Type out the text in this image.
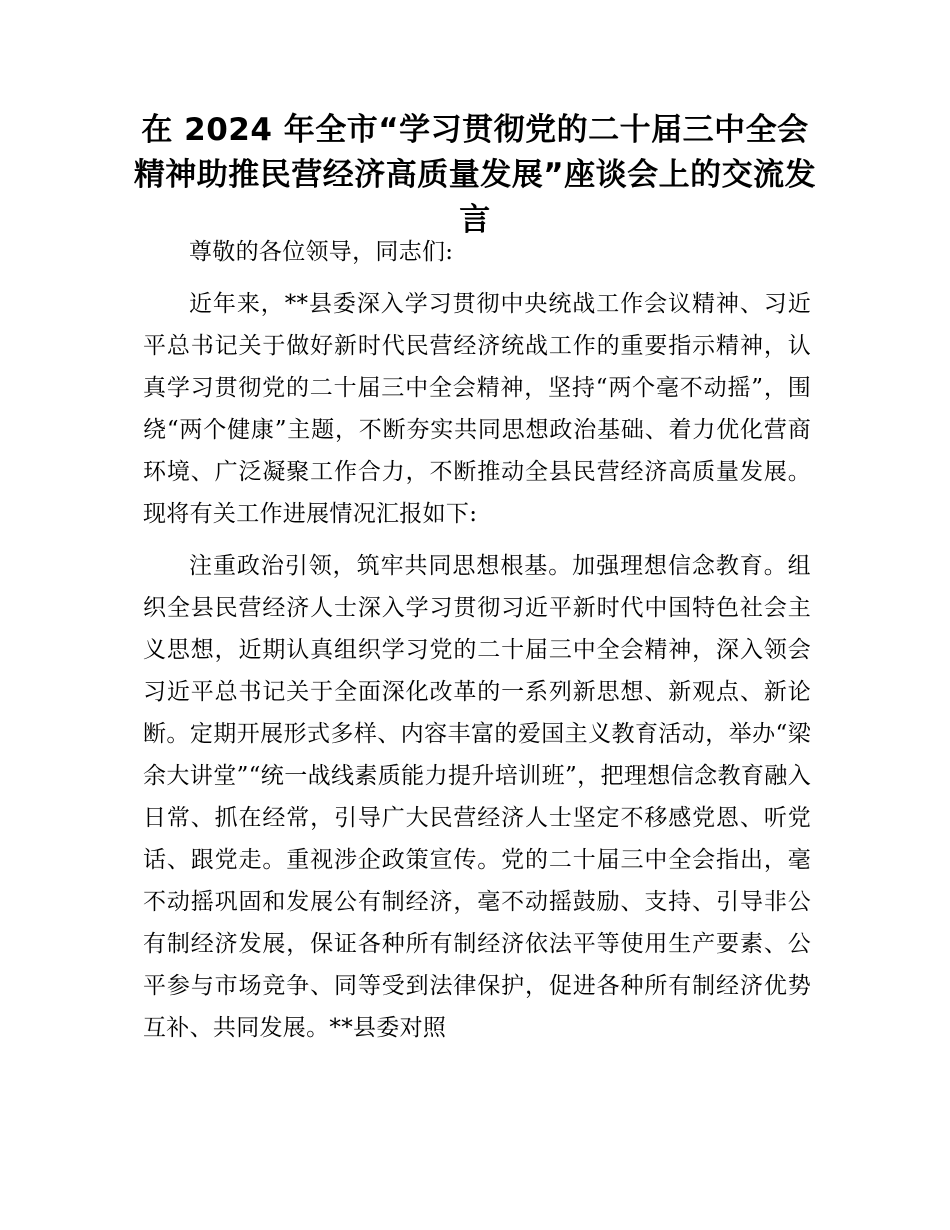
在 2024 年全市“学习贯彻党的二十届三中全会精神助推民营经济高质量发展”座谈会上的交流发言

尊敬的各位领导，同志们:

近年来，**县委深入学习贯彻中央统战工作会议精神、习近平总书记关于做好新时代民营经济统战工作的重要指示精神，认真学习贯彻党的二十届三中全会精神，坚持“两个毫不动摇”，围绕“两个健康”主题，不断夯实共同思想政治基础、着力优化营商环境、广泛凝聚工作合力，不断推动全县民营经济高质量发展。现将有关工作进展情况汇报如下:

注重政治引领，筑牢共同思想根基。加强理想信念教育。组织全县民营经济人士深入学习贯彻习近平新时代中国特色社会主义思想，近期认真组织学习党的二十届三中全会精神，深入领会习近平总书记关于全面深化改革的一系列新思想、新观点、新论断。定期开展形式多样、内容丰富的爱国主义教育活动，举办“梁余大讲堂”“统一战线素质能力提升培训班”，把理想信念教育融入日常、抓在经常，引导广大民营经济人士坚定不移感党恩、听党话、跟党走。重视涉企政策宣传。党的二十届三中全会指出，毫不动摇巩固和发展公有制经济，毫不动摇鼓励、支持、引导非公有制经济发展，保证各种所有制经济依法平等使用生产要素、公平参与市场竞争、同等受到法律保护，促进各种所有制经济优势互补、共同发展。**县委对照
